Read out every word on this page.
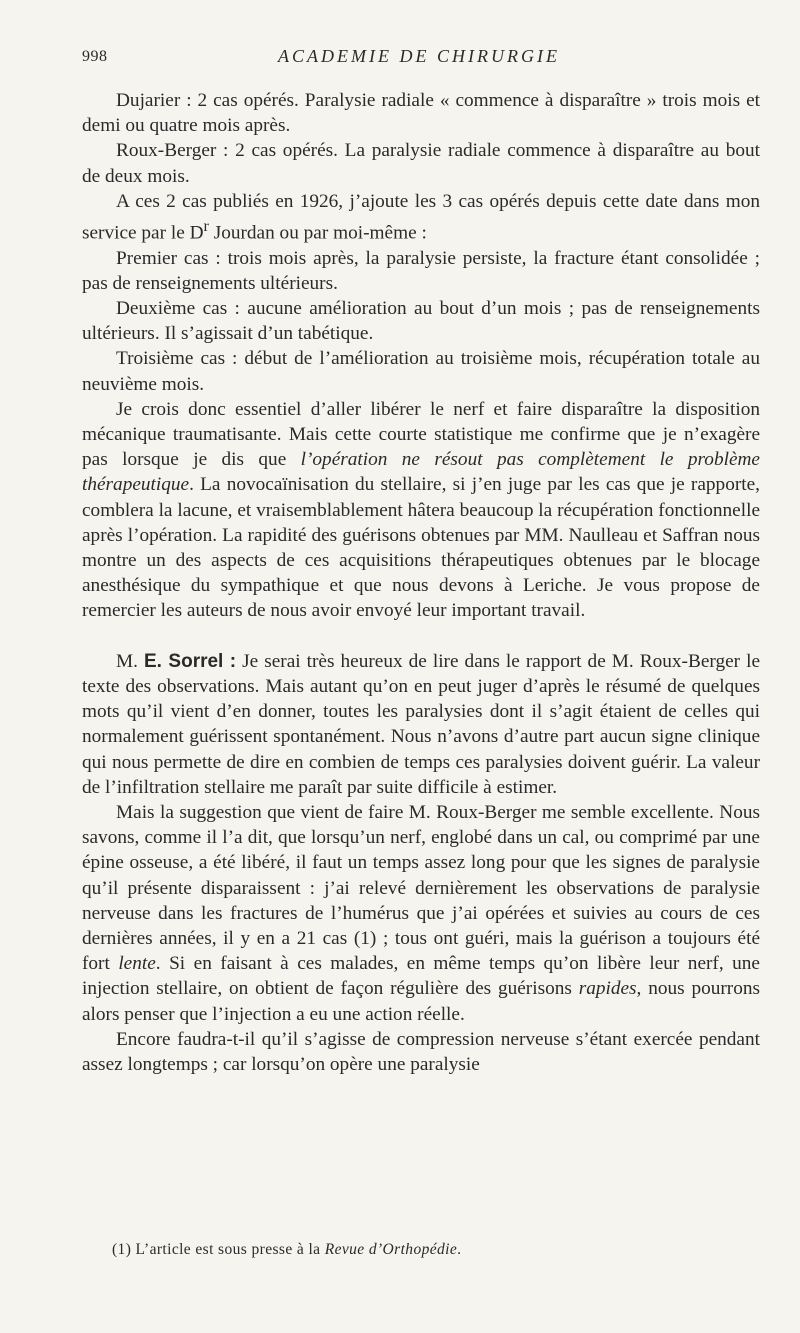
998	ACADEMIE DE CHIRURGIE

Dujarier : 2 cas opérés. Paralysie radiale « commence à disparaître » trois mois et demi ou quatre mois après.

Roux-Berger : 2 cas opérés. La paralysie radiale commence à disparaître au bout de deux mois.

A ces 2 cas publiés en 1926, j’ajoute les 3 cas opérés depuis cette date dans mon service par le $D^r$ Jourdan ou par moi-même :

Premier cas : trois mois après, la paralysie persiste, la fracture étant consolidée ; pas de renseignements ultérieurs.

Deuxième cas : aucune amélioration au bout d’un mois ; pas de renseignements ultérieurs. Il s’agissait d’un tabétique.

Troisième cas : début de l’amélioration au troisième mois, récupération totale au neuvième mois.

Je crois donc essentiel d’aller libérer le nerf et faire disparaître la disposition mécanique traumatisante. Mais cette courte statistique me confirme que je n’exagère pas lorsque je dis que l’opération ne résout pas complètement le problème thérapeutique. La novocaïnisation du stellaire, si j’en juge par les cas que je rapporte, comblera la lacune, et vraisemblablement hâtera beaucoup la récupération fonctionnelle après l’opération. La rapidité des guérisons obtenues par MM. Naulleau et Saffran nous montre un des aspects de ces acquisitions thérapeutiques obtenues par le blocage anesthésique du sympathique et que nous devons à Leriche. Je vous propose de remercier les auteurs de nous avoir envoyé leur important travail.

M. E. Sorrel : Je serai très heureux de lire dans le rapport de M. Roux-Berger le texte des observations. Mais autant qu’on en peut juger d’après le résumé de quelques mots qu’il vient d’en donner, toutes les paralysies dont il s’agit étaient de celles qui normalement guérissent spontanément. Nous n’avons d’autre part aucun signe clinique qui nous permette de dire en combien de temps ces paralysies doivent guérir. La valeur de l’infiltration stellaire me paraît par suite difficile à estimer.

Mais la suggestion que vient de faire M. Roux-Berger me semble excellente. Nous savons, comme il l’a dit, que lorsqu’un nerf, englobé dans un cal, ou comprimé par une épine osseuse, a été libéré, il faut un temps assez long pour que les signes de paralysie qu’il présente disparaissent : j’ai relevé dernièrement les observations de paralysie nerveuse dans les fractures de l’humérus que j’ai opérées et suivies au cours de ces dernières années, il y en a 21 cas (1) ; tous ont guéri, mais la guérison a toujours été fort lente. Si en faisant à ces malades, en même temps qu’on libère leur nerf, une injection stellaire, on obtient de façon régulière des guérisons rapides, nous pourrons alors penser que l’injection a eu une action réelle.

Encore faudra-t-il qu’il s’agisse de compression nerveuse s’étant exercée pendant assez longtemps ; car lorsqu’on opère une paralysie

(1) L’article est sous presse à la Revue d’Orthopédie.
